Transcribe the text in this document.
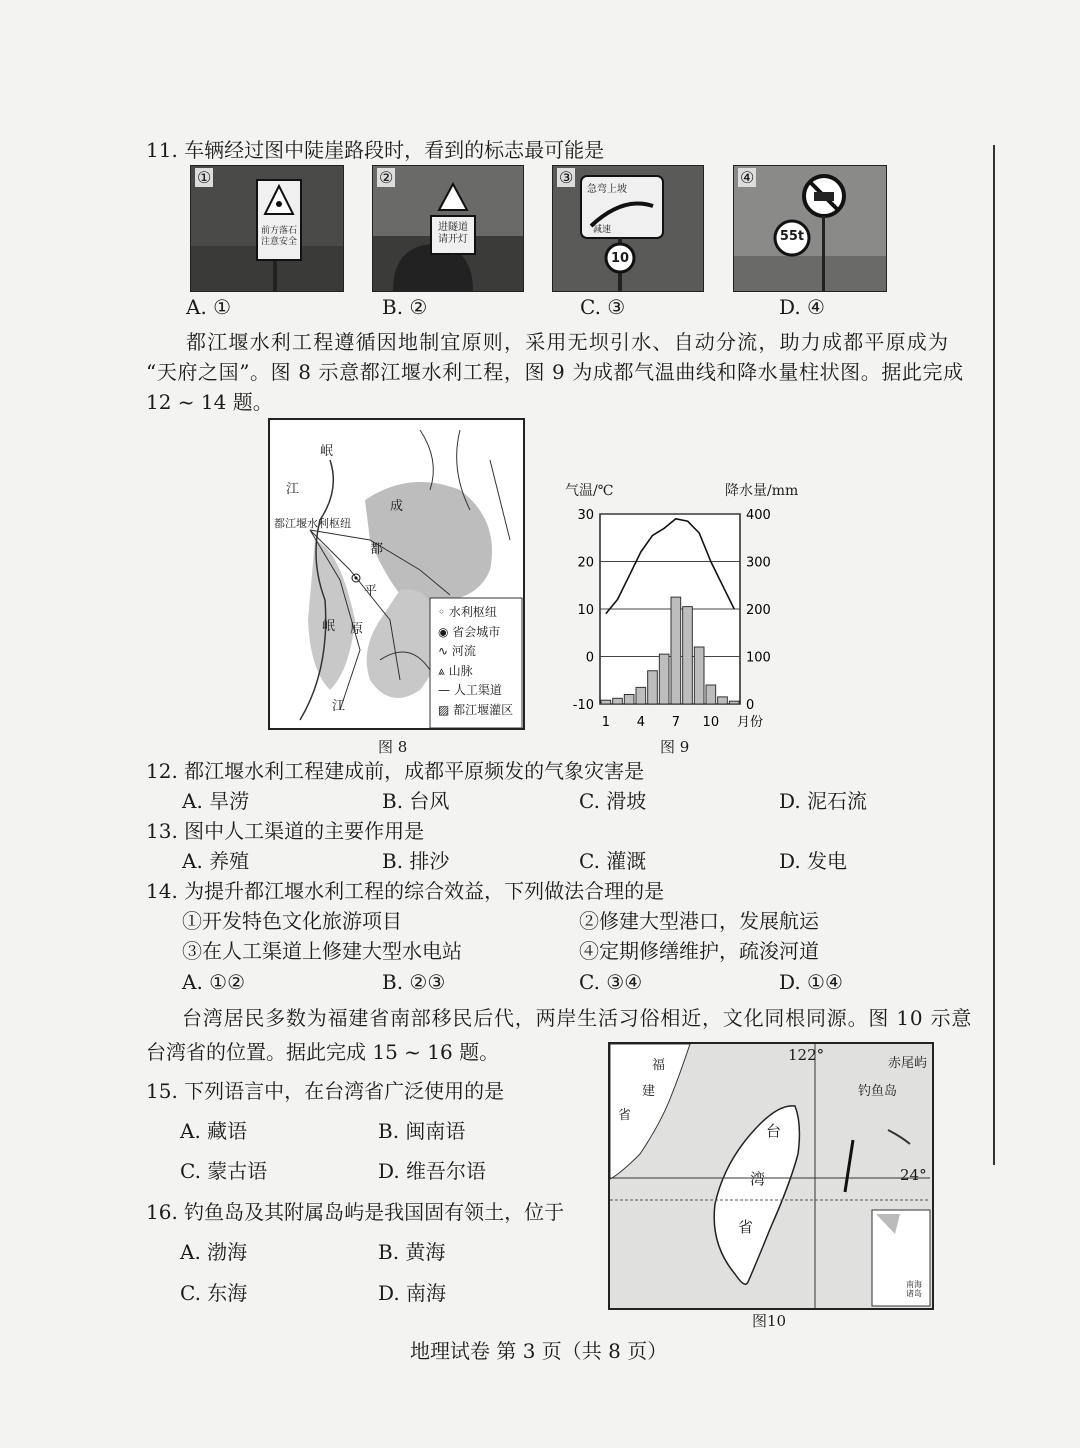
11. 车辆经过图中陡崖路段时，看到的标志最可能是
①
前方落石
注意安全
②
进隧道
请开灯
③
急弯上坡
减速
10
④
55t
A. ①	B. ②	C. ③	D. ④
都江堰水利工程遵循因地制宜原则，采用无坝引水、自动分流，助力成都平原成为
“天府之国”。图 8 示意都江堰水利工程，图 9 为成都气温曲线和降水量柱状图。据此完成
12 ~ 14 题。
岷
江
都江堰水利枢纽
成
都
平
原
岷
江
◦ 水利枢纽
◉ 省会城市
∿ 河流
⩓ 山脉
— 人工渠道
▨ 都江堰灌区
图 8
气温/℃	降水量/mm
30
20
10
0
-10
400
300
200
100
0
1 4 7 10 月份
图 9
12. 都江堰水利工程建成前，成都平原频发的气象灾害是
A. 旱涝	B. 台风	C. 滑坡	D. 泥石流
13. 图中人工渠道的主要作用是
A. 养殖	B. 排沙	C. 灌溉	D. 发电
14. 为提升都江堰水利工程的综合效益，下列做法合理的是
①开发特色文化旅游项目	②修建大型港口，发展航运
③在人工渠道上修建大型水电站	④定期修缮维护，疏浚河道
A. ①②	B. ②③	C. ③④	D. ①④
台湾居民多数为福建省南部移民后代，两岸生活习俗相近，文化同根同源。图 10 示意
台湾省的位置。据此完成 15 ~ 16 题。
15. 下列语言中，在台湾省广泛使用的是
A. 藏语	B. 闽南语
C. 蒙古语	D. 维吾尔语
16. 钓鱼岛及其附属岛屿是我国固有领土，位于
A. 渤海	B. 黄海
C. 东海	D. 南海
福
建
省
122°	赤尾屿
钓鱼岛
24°
台
湾
省
南海
诸岛
图10
地理试卷 第 3 页（共 8 页）
